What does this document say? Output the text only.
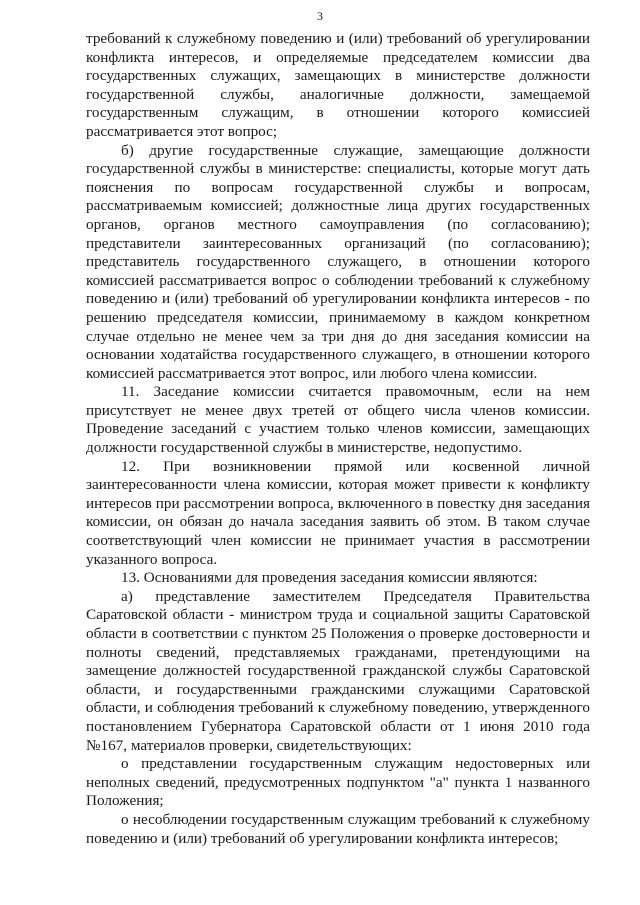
3

требований к служебному поведению и (или) требований об урегулировании конфликта интересов, и определяемые председателем комиссии два государственных служащих, замещающих в министерстве должности государственной службы, аналогичные должности, замещаемой государственным служащим, в отношении которого комиссией рассматривается этот вопрос;

б) другие государственные служащие, замещающие должности государственной службы в министерстве: специалисты, которые могут дать пояснения по вопросам государственной службы и вопросам, рассматриваемым комиссией; должностные лица других государственных органов, органов местного самоуправления (по согласованию); представители заинтересованных организаций (по согласованию); представитель государственного служащего, в отношении которого комиссией рассматривается вопрос о соблюдении требований к служебному поведению и (или) требований об урегулировании конфликта интересов - по решению председателя комиссии, принимаемому в каждом конкретном случае отдельно не менее чем за три дня до дня заседания комиссии на основании ходатайства государственного служащего, в отношении которого комиссией рассматривается этот вопрос, или любого члена комиссии.

11. Заседание комиссии считается правомочным, если на нем присутствует не менее двух третей от общего числа членов комиссии. Проведение заседаний с участием только членов комиссии, замещающих должности государственной службы в министерстве, недопустимо.

12. При возникновении прямой или косвенной личной заинтересованности члена комиссии, которая может привести к конфликту интересов при рассмотрении вопроса, включенного в повестку дня заседания комиссии, он обязан до начала заседания заявить об этом. В таком случае соответствующий член комиссии не принимает участия в рассмотрении указанного вопроса.

13. Основаниями для проведения заседания комиссии являются:

а) представление заместителем Председателя Правительства Саратовской области - министром труда и социальной защиты Саратовской области в соответствии с пунктом 25 Положения о проверке достоверности и полноты сведений, представляемых гражданами, претендующими на замещение должностей государственной гражданской службы Саратовской области, и государственными гражданскими служащими Саратовской области, и соблюдения требований к служебному поведению, утвержденного постановлением Губернатора Саратовской области от 1 июня 2010 года №167, материалов проверки, свидетельствующих:

о представлении государственным служащим недостоверных или неполных сведений, предусмотренных подпунктом "а" пункта 1 названного Положения;

о несоблюдении государственным служащим требований к служебному поведению и (или) требований об урегулировании конфликта интересов;
